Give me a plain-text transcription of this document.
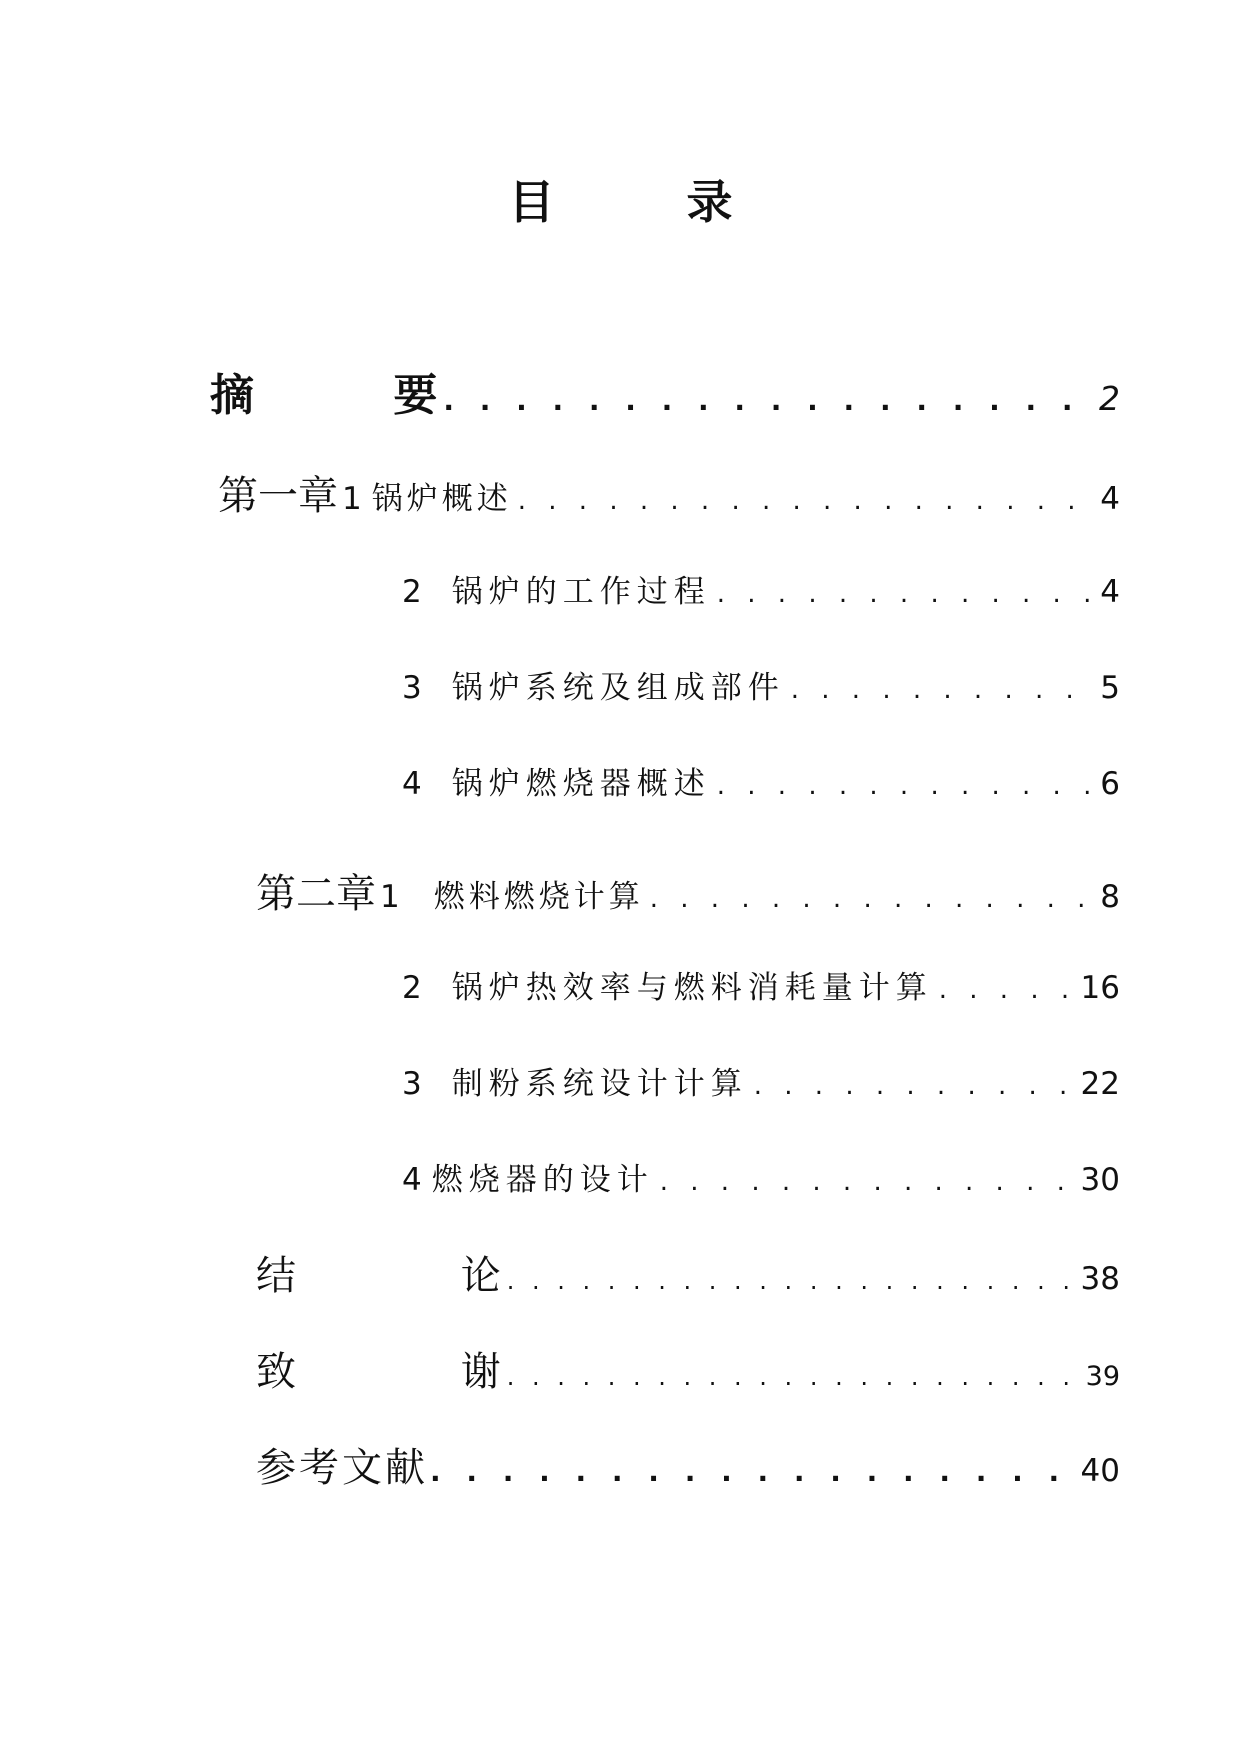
目 录
摘 要 . . .	2
第一章 1 锅炉概述 . . .	4
2 锅炉的工作过程 . . .	4
3 锅炉系统及组成部件 . . .	5
4 锅炉燃烧器概述 . . .	6
第二章 1 燃料燃烧计算 . . .	8
2 锅炉热效率与燃料消耗量计算 . . .	16
3 制粉系统设计计算 . . .	22
4 燃烧器的设计 . . .	30
结 论 . . .	38
致 谢 . . .	39
参考文献 . . .	40
